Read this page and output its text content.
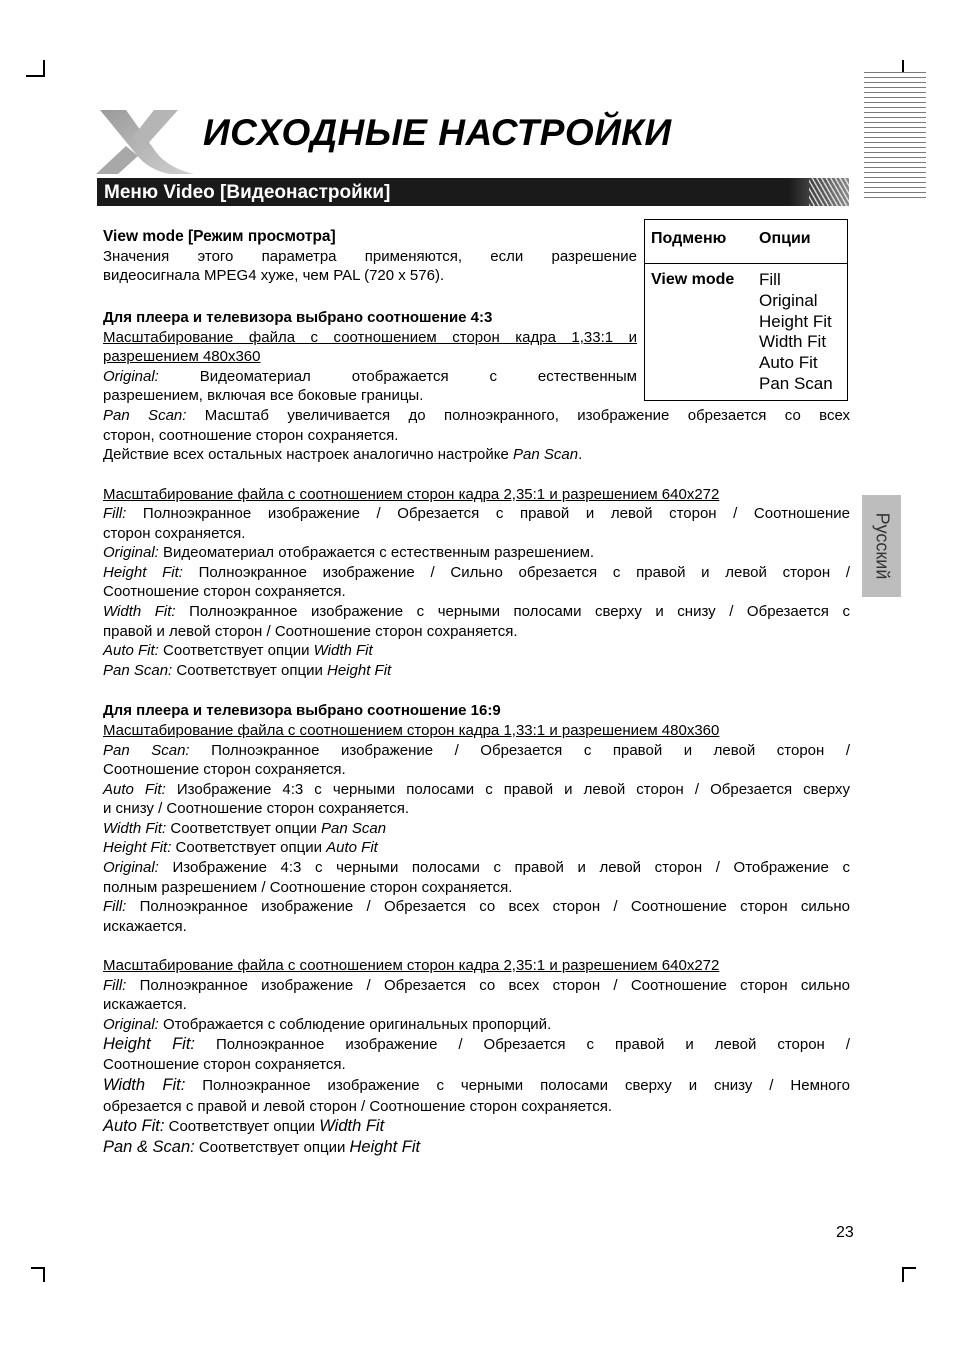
ИСХОДНЫЕ НАСТРОЙКИ
Меню Video [Видеонастройки]
Русский
Подменю Опции
View mode Fill
Original
Height Fit
Width Fit
Auto Fit
Pan Scan

View mode [Режим просмотра]

Значения этого параметра применяются, если разрешение

видеосигнала MPEG4 хуже, чем PAL (720 x 576).

Для плеера и телевизора выбрано соотношение 4:3

Масштабирование файла с соотношением сторон кадра 1,33:1 и

разрешением 480x360

Original: Видеоматериал отображается с естественным

разрешением, включая все боковые границы.

Pan Scan: Масштаб увеличивается до полноэкранного, изображение обрезается со всех

сторон, соотношение сторон сохраняется.

Действие всех остальных настроек аналогично настройке Pan Scan.

Масштабирование файла с соотношением сторон кадра 2,35:1 и разрешением 640x272

Fill: Полноэкранное изображение / Обрезается с правой и левой сторон / Соотношение

сторон сохраняется.

Original: Видеоматериал отображается с естественным разрешением.

Height Fit: Полноэкранное изображение / Сильно обрезается с правой и левой сторон /

Соотношение сторон сохраняется.

Width Fit: Полноэкранное изображение с черными полосами сверху и снизу / Обрезается с

правой и левой сторон / Соотношение сторон сохраняется.

Auto Fit: Соответствует опции Width Fit

Pan Scan: Соответствует опции Height Fit

Для плеера и телевизора выбрано соотношение 16:9

Масштабирование файла с соотношением сторон кадра 1,33:1 и разрешением 480x360

Pan Scan: Полноэкранное изображение / Обрезается с правой и левой сторон /

Соотношение сторон сохраняется.

Auto Fit: Изображение 4:3 с черными полосами с правой и левой сторон / Обрезается сверху

и снизу / Соотношение сторон сохраняется.

Width Fit: Соответствует опции Pan Scan

Height Fit: Соответствует опции Auto Fit

Original: Изображение 4:3 с черными полосами с правой и левой сторон / Отображение с

полным разрешением / Соотношение сторон сохраняется.

Fill: Полноэкранное изображение / Обрезается со всех сторон / Соотношение сторон сильно

искажается.

Масштабирование файла с соотношением сторон кадра 2,35:1 и разрешением 640x272

Fill: Полноэкранное изображение / Обрезается со всех сторон / Соотношение сторон сильно

искажается.

Original: Отображается с соблюдение оригинальных пропорций.

Height Fit: Полноэкранное изображение / Обрезается с правой и левой сторон /

Соотношение сторон сохраняется.

Width Fit: Полноэкранное изображение с черными полосами сверху и снизу / Немного

обрезается с правой и левой сторон / Соотношение сторон сохраняется.

Auto Fit: Соответствует опции Width Fit

Pan & Scan: Соответствует опции Height Fit

23
